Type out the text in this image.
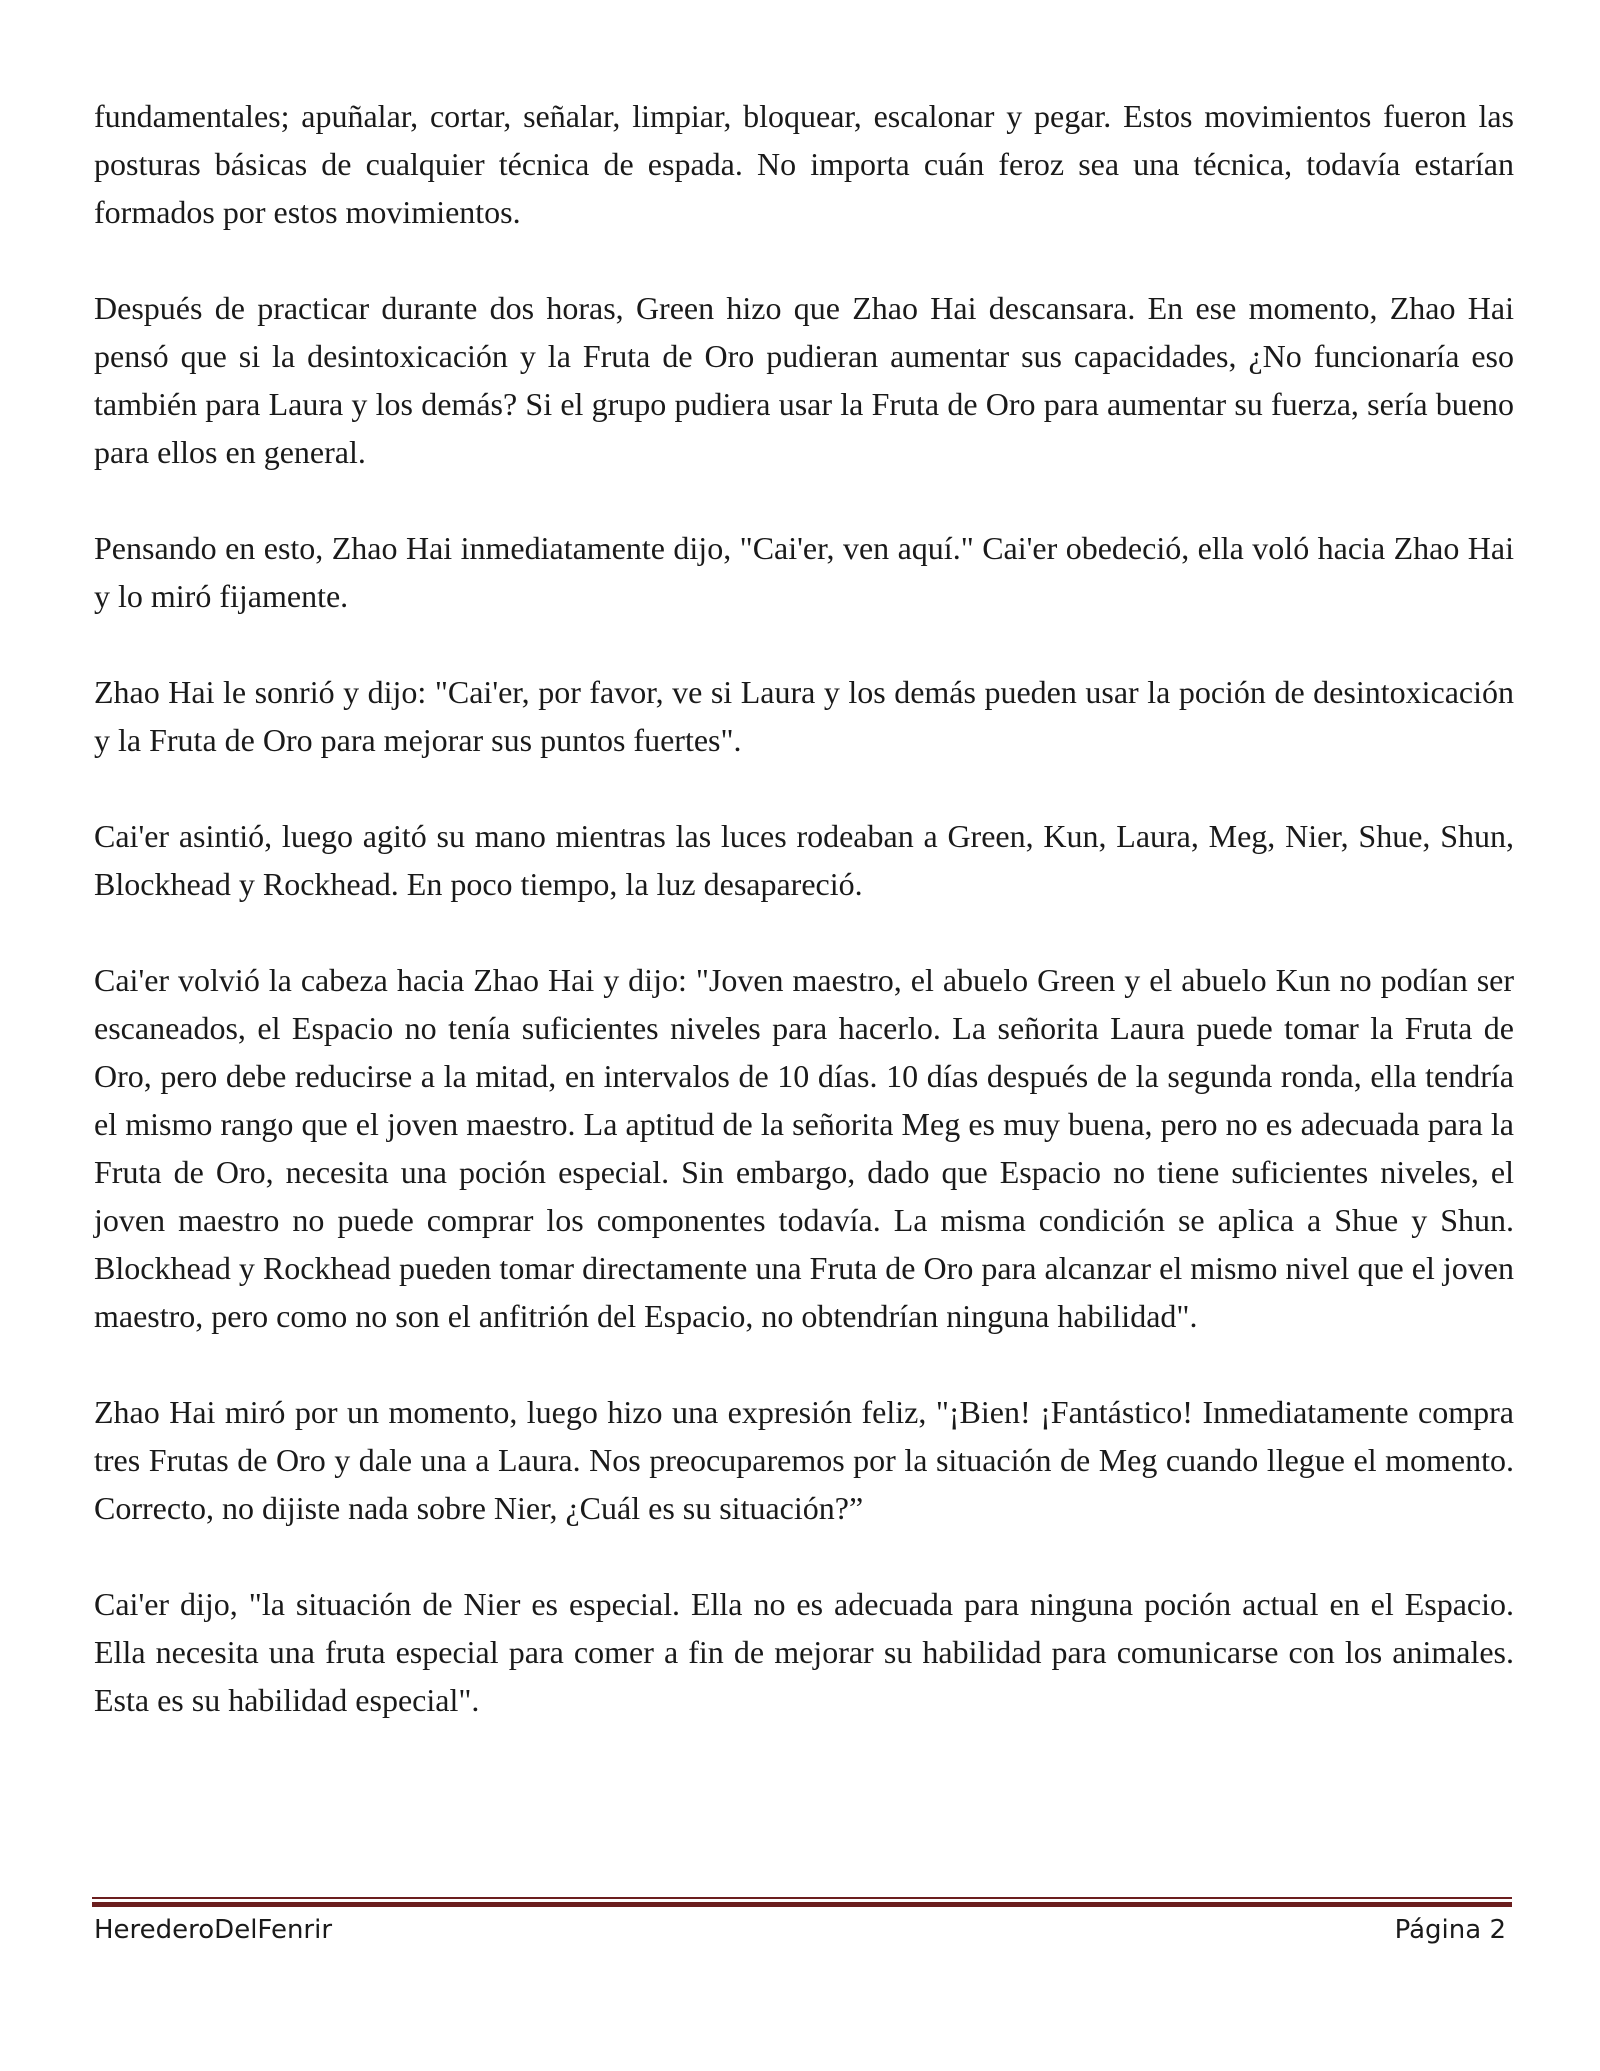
fundamentales; apuñalar, cortar, señalar, limpiar, bloquear, escalonar y pegar. Estos movimientos fueron las posturas básicas de cualquier técnica de espada. No importa cuán feroz sea una técnica, todavía estarían formados por estos movimientos.

Después de practicar durante dos horas, Green hizo que Zhao Hai descansara. En ese momento, Zhao Hai pensó que si la desintoxicación y la Fruta de Oro pudieran aumentar sus capacidades, ¿No funcionaría eso también para Laura y los demás? Si el grupo pudiera usar la Fruta de Oro para aumentar su fuerza, sería bueno para ellos en general.

Pensando en esto, Zhao Hai inmediatamente dijo, "Cai'er, ven aquí." Cai'er obedeció, ella voló hacia Zhao Hai y lo miró fijamente.

Zhao Hai le sonrió y dijo: "Cai'er, por favor, ve si Laura y los demás pueden usar la poción de desintoxicación y la Fruta de Oro para mejorar sus puntos fuertes".

Cai'er asintió, luego agitó su mano mientras las luces rodeaban a Green, Kun, Laura, Meg, Nier, Shue, Shun, Blockhead y Rockhead. En poco tiempo, la luz desapareció.

Cai'er volvió la cabeza hacia Zhao Hai y dijo: "Joven maestro, el abuelo Green y el abuelo Kun no podían ser escaneados, el Espacio no tenía suficientes niveles para hacerlo. La señorita Laura puede tomar la Fruta de Oro, pero debe reducirse a la mitad, en intervalos de 10 días. 10 días después de la segunda ronda, ella tendría el mismo rango que el joven maestro. La aptitud de la señorita Meg es muy buena, pero no es adecuada para la Fruta de Oro, necesita una poción especial. Sin embargo, dado que Espacio no tiene suficientes niveles, el joven maestro no puede comprar los componentes todavía. La misma condición se aplica a Shue y Shun. Blockhead y Rockhead pueden tomar directamente una Fruta de Oro para alcanzar el mismo nivel que el joven maestro, pero como no son el anfitrión del Espacio, no obtendrían ninguna habilidad".

Zhao Hai miró por un momento, luego hizo una expresión feliz, "¡Bien! ¡Fantástico! Inmediatamente compra tres Frutas de Oro y dale una a Laura. Nos preocuparemos por la situación de Meg cuando llegue el momento. Correcto, no dijiste nada sobre Nier, ¿Cuál es su situación?”

Cai'er dijo, "la situación de Nier es especial. Ella no es adecuada para ninguna poción actual en el Espacio. Ella necesita una fruta especial para comer a fin de mejorar su habilidad para comunicarse con los animales. Esta es su habilidad especial".

HerederoDelFenrir	Página 2
